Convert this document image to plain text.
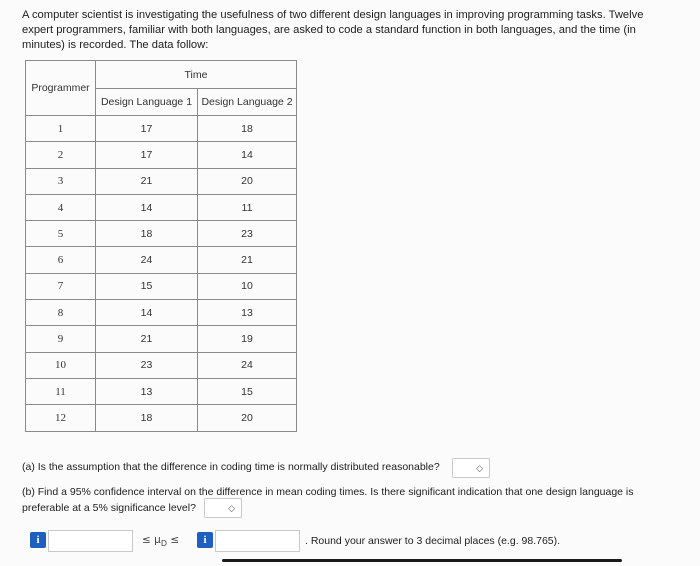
A computer scientist is investigating the usefulness of two different design languages in improving programming tasks. Twelve expert programmers, familiar with both languages, are asked to code a standard function in both languages, and the time (in minutes) is recorded. The data follow:
Programmer	Time	
	Design Language 1	Design Language 2
1	17	18
2	17	14
3	21	20
4	14	11
5	18	23
6	24	21
7	15	10
8	14	13
9	21	19
10	23	24
11	13	15
12	18	20
(a) Is the assumption that the difference in coding time is normally distributed reasonable?	◇
(b) Find a 95% confidence interval on the difference in mean coding times. Is there significant indication that one design language is
preferable at a 5% significance level?	◇
i	≤ $\mu_D$ ≤	i	. Round your answer to 3 decimal places (e.g. 98.765).
